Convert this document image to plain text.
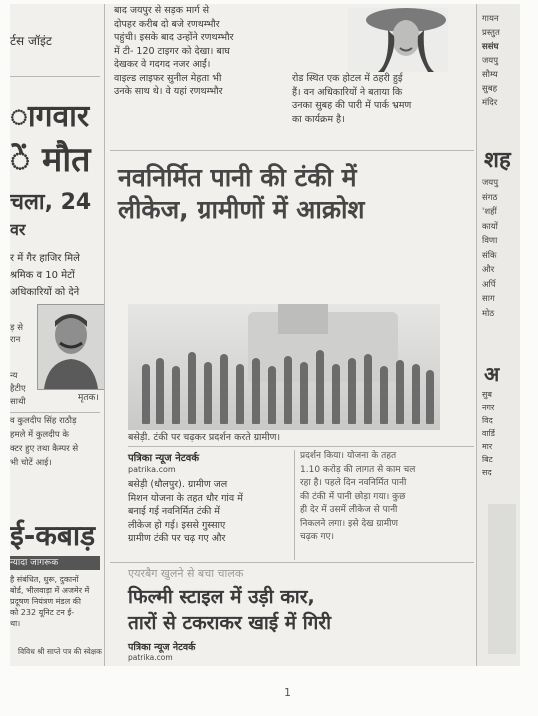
र्टस जॉइंट
ागवार
ें मौत
चला, 24
वर
र में गैर हाजिर मिले
श्रमिक व 10 मेटों
अधिकारियों को देने
ड़ से
रान
न्य
हैटीए
साथी
व कुलदीप सिंह राठौड़
हमले में कुलदीप के
क्टर हुए तथा कैम्पर से
भी चोटें आई।
ई-कबाड़
न्यादा जागरूक
है संबंधित, धुरू, दुकानों
बोर्ड, भीलवाड़ा में अजमेर में
प्रदूषण नियंत्रण मंडल की
को 232 यूनिट टन ई-
था।
विविध श्री साप्ते पत्र की स्वेक्षक
मृतक।
बाद जयपुर से सड़क मार्ग से
दोपहर करीब दो बजे रणथम्भौर
पहुंची। इसके बाद उन्होंने रणथम्भौर
में टी- 120 टाइगर को देखा। बाघ
देखकर वे गदगद नजर आईं।
वाइल्ड लाइफर सुनील मेहता भी
उनके साथ थे। वे यहां रणथम्भौर
रोड स्थित एक होटल में ठहरी हुई
हैं। वन अधिकारियों ने बताया कि
उनका सुबह की पारी में पार्क भ्रमण
का कार्यक्रम है।
नवनिर्मित पानी की टंकी में
लीकेज, ग्रामीणों में आक्रोश
बसेड़ी. टंकी पर चढ़कर प्रदर्शन करते ग्रामीण।
पत्रिका न्यूज नेटवर्क
patrika.com
बसेड़ी (धौलपुर). ग्रामीण जल
मिशन योजना के तहत धौर गांव में
बनाई गई नवनिर्मित टंकी में
लीकेज हो गई। इससे गुस्साए
ग्रामीण टंकी पर चढ़ गए और
प्रदर्शन किया। योजना के तहत
1.10 करोड़ की लागत से काम चल
रहा है। पहले दिन नवनिर्मित पानी
की टंकी में पानी छोड़ा गया। कुछ
ही देर में उसमें लीकेज से पानी
निकलने लगा। इसे देख ग्रामीण
चढ़क गए।
एयरबैग खुलने से बचा चालक
फिल्मी स्टाइल में उड़ी कार,
तारों से टकराकर खाई में गिरी
पत्रिका न्यूज नेटवर्क
patrika.com
गायन
प्रस्तुत
ससंघ
जयपु
सौम्य
सुबह
मंदिर
शह
जयपु
संगठ
'शहीं
कायों
विणा
संकि
और
अर्पि
साग
मोठ
अ
सुब
नगर
विद
वार्डि
मार
बिट
सद
1
